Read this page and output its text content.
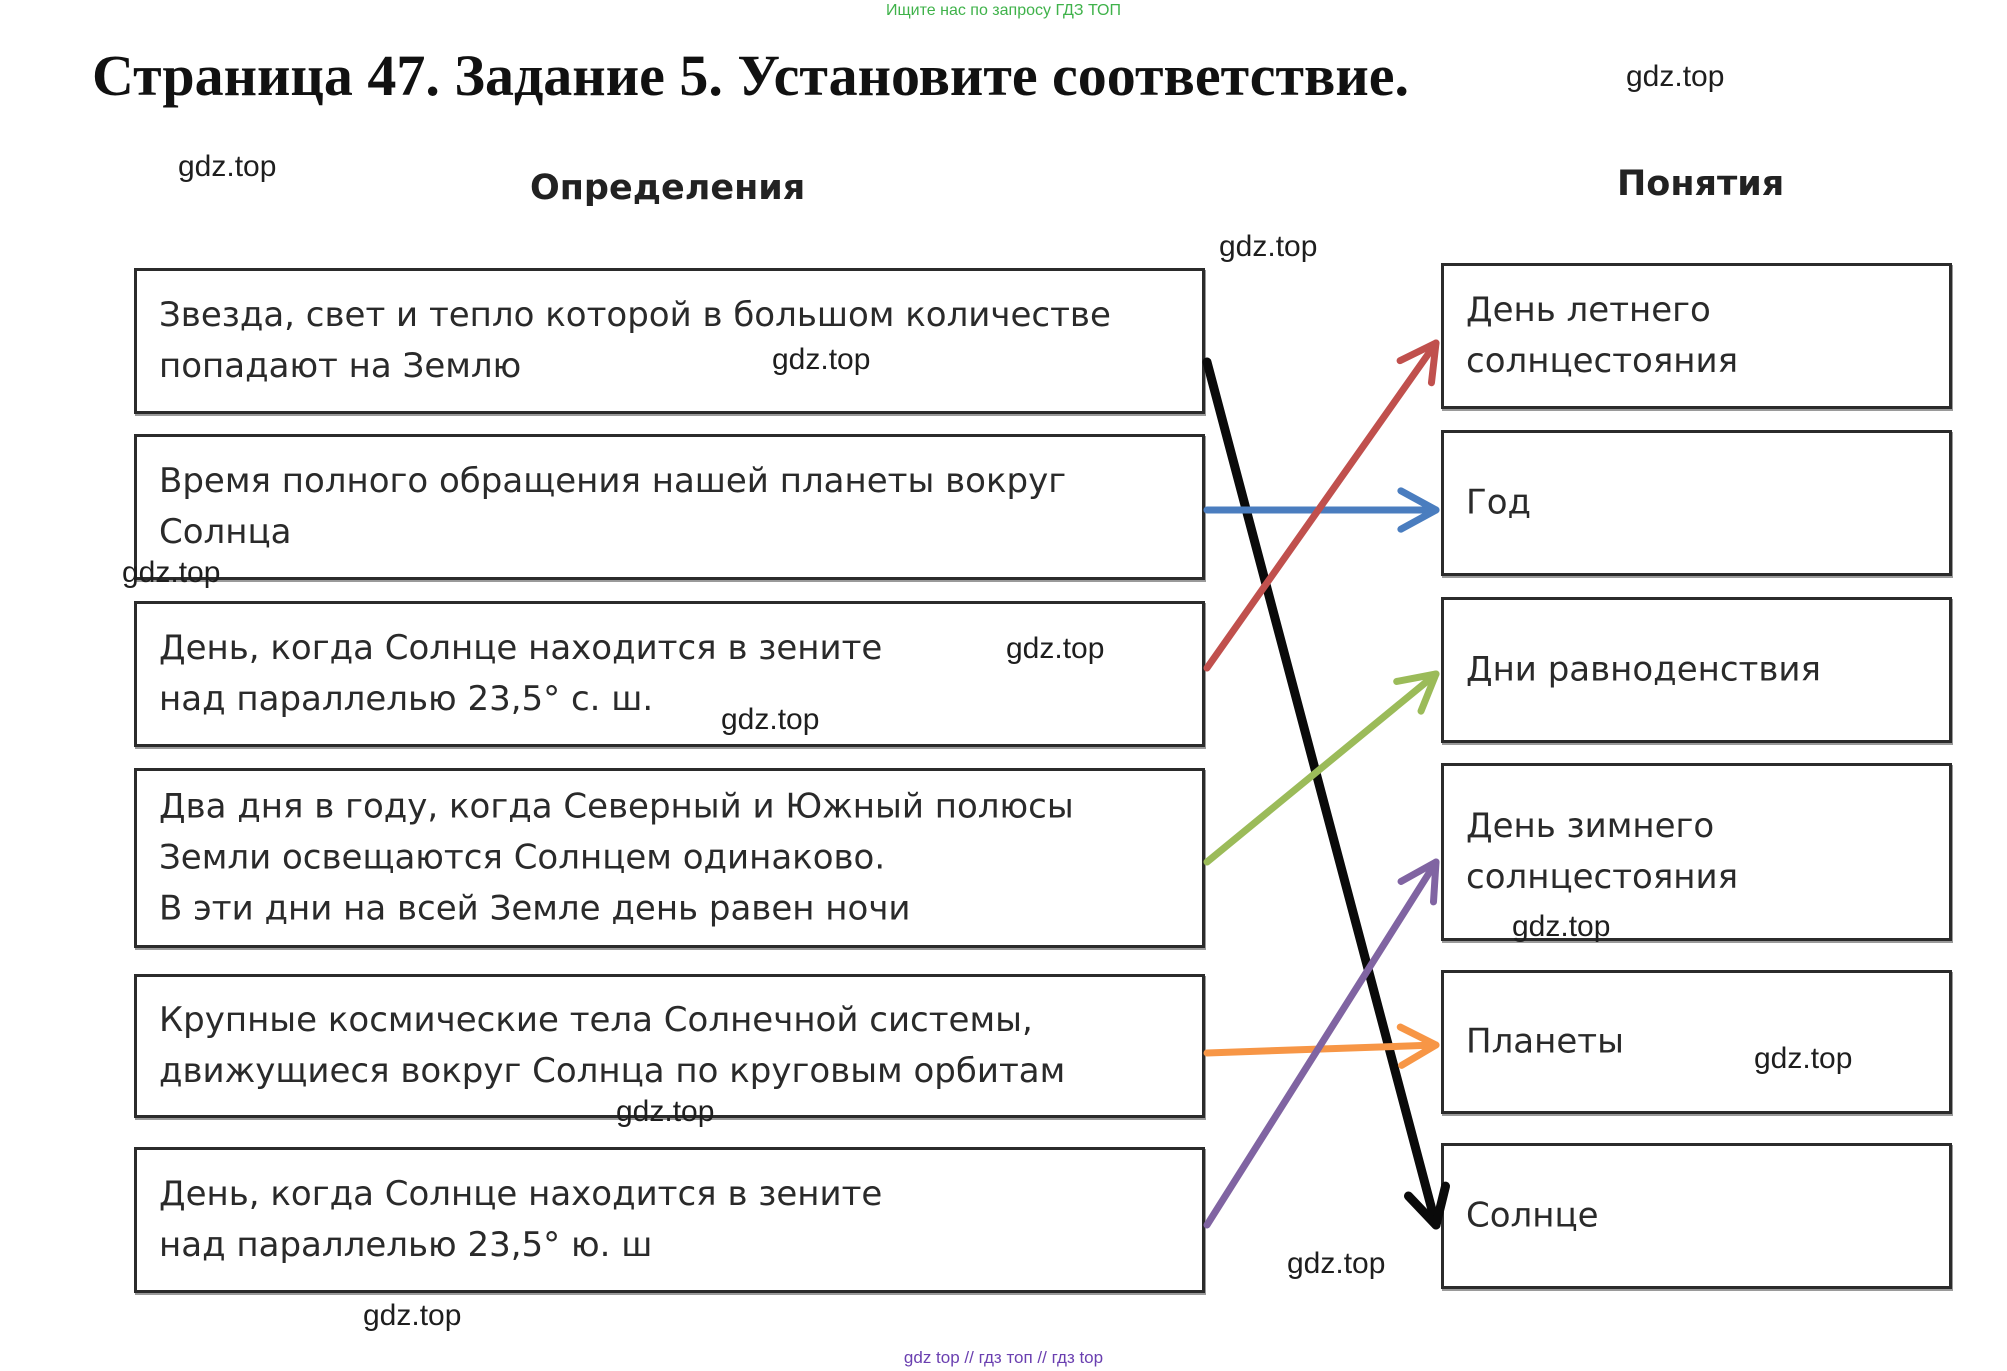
Ищите нас по запросу ГДЗ ТОП
Страница 47. Задание 5. Установите соответствие.
Определения	Понятия
Звезда, свет и тепло которой в большом количестве
попадают на Землю
Время полного обращения нашей планеты вокруг
Солнца
День, когда Солнце находится в зените
над параллелью 23,5° с. ш.
Два дня в году, когда Северный и Южный полюсы
Земли освещаются Солнцем одинаково.
В эти дни на всей Земле день равен ночи
Крупные космические тела Солнечной системы,
движущиеся вокруг Солнца по круговым орбитам
День, когда Солнце находится в зените
над параллелью 23,5° ю. ш
День летнего
солнцестояния
Год
Дни равноденствия
День зимнего
солнцестояния
Планеты
Солнце
gdz.top
gdz.top
gdz.top
gdz.top
gdz.top
gdz.top
gdz.top
gdz.top
gdz.top
gdz.top
gdz.top
gdz.top
gdz top // гдз топ // гдз top
